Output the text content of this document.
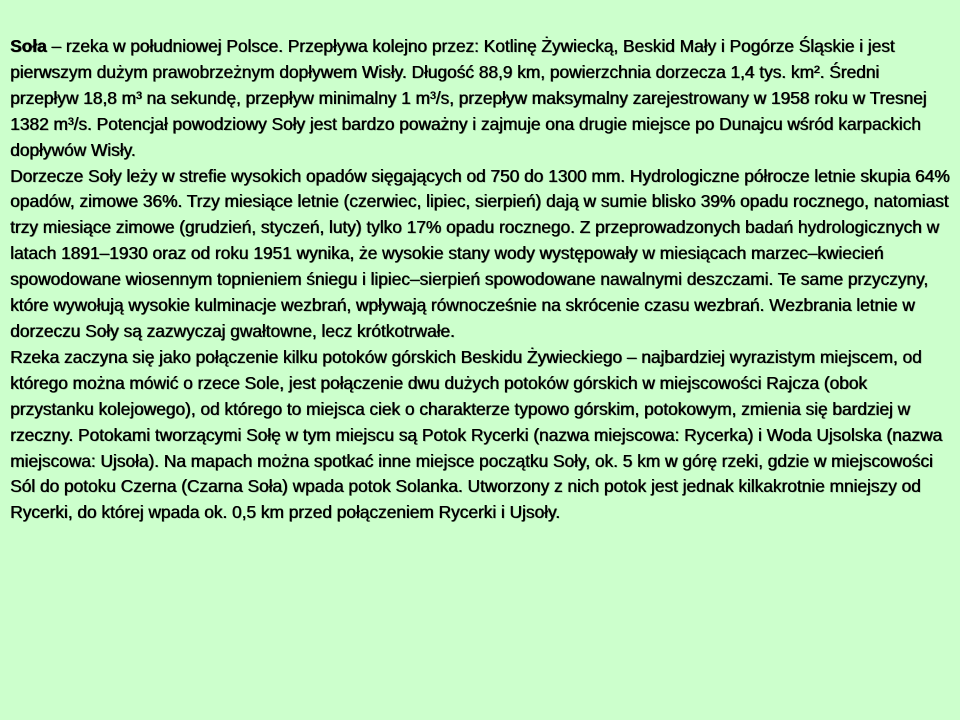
Soła – rzeka w południowej Polsce. Przepływa kolejno przez: Kotlinę Żywiecką, Beskid Mały i Pogórze Śląskie i jest pierwszym dużym prawobrzeżnym dopływem Wisły. Długość 88,9 km, powierzchnia dorzecza 1,4 tys. km². Średni przepływ 18,8 m³ na sekundę, przepływ minimalny 1 m³/s, przepływ maksymalny zarejestrowany w 1958 roku w Tresnej 1382 m³/s. Potencjał powodziowy Soły jest bardzo poważny i zajmuje ona drugie miejsce po Dunajcu wśród karpackich dopływów Wisły.

Dorzecze Soły leży w strefie wysokich opadów sięgających od 750 do 1300 mm. Hydrologiczne półrocze letnie skupia 64% opadów, zimowe 36%. Trzy miesiące letnie (czerwiec, lipiec, sierpień) dają w sumie blisko 39% opadu rocznego, natomiast trzy miesiące zimowe (grudzień, styczeń, luty) tylko 17% opadu rocznego. Z przeprowadzonych badań hydrologicznych w latach 1891–1930 oraz od roku 1951 wynika, że wysokie stany wody występowały w miesiącach marzec–kwiecień spowodowane wiosennym topnieniem śniegu i lipiec–sierpień spowodowane nawalnymi deszczami. Te same przyczyny, które wywołują wysokie kulminacje wezbrań, wpływają równocześnie na skrócenie czasu wezbrań. Wezbrania letnie w dorzeczu Soły są zazwyczaj gwałtowne, lecz krótkotrwałe.

Rzeka zaczyna się jako połączenie kilku potoków górskich Beskidu Żywieckiego – najbardziej wyrazistym miejscem, od którego można mówić o rzece Sole, jest połączenie dwu dużych potoków górskich w miejscowości Rajcza (obok przystanku kolejowego), od którego to miejsca ciek o charakterze typowo górskim, potokowym, zmienia się bardziej w rzeczny. Potokami tworzącymi Sołę w tym miejscu są Potok Rycerki (nazwa miejscowa: Rycerka) i Woda Ujsolska (nazwa miejscowa: Ujsoła). Na mapach można spotkać inne miejsce początku Soły, ok. 5 km w górę rzeki, gdzie w miejscowości Sól do potoku Czerna (Czarna Soła) wpada potok Solanka. Utworzony z nich potok jest jednak kilkakrotnie mniejszy od Rycerki, do której wpada ok. 0,5 km przed połączeniem Rycerki i Ujsoły.
